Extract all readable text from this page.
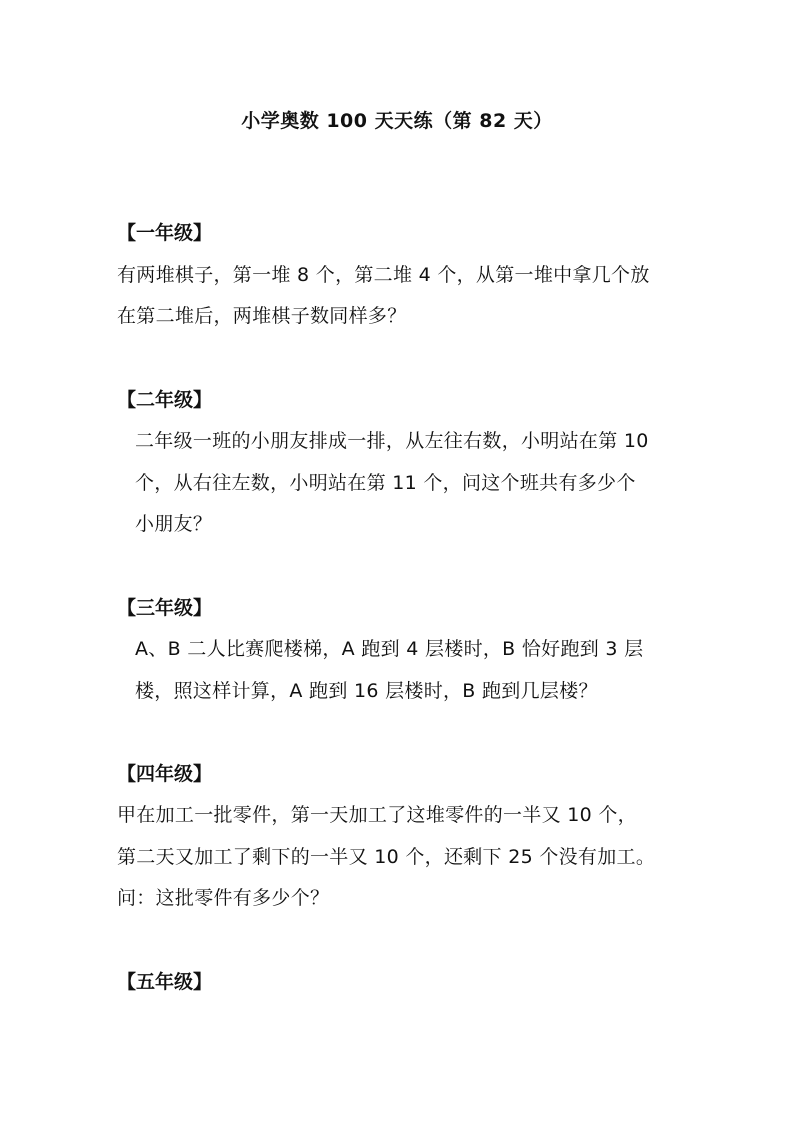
小学奥数 100 天天练（第 82 天）
【一年级】
有两堆棋子，第一堆 8 个，第二堆 4 个，从第一堆中拿几个放
在第二堆后，两堆棋子数同样多？
【二年级】
二年级一班的小朋友排成一排，从左往右数，小明站在第 10
个，从右往左数，小明站在第 11 个，问这个班共有多少个
小朋友？
【三年级】
A、B 二人比赛爬楼梯，A 跑到 4 层楼时，B 恰好跑到 3 层
楼，照这样计算，A 跑到 16 层楼时，B 跑到几层楼？
【四年级】
甲在加工一批零件，第一天加工了这堆零件的一半又 10 个，
第二天又加工了剩下的一半又 10 个，还剩下 25 个没有加工。
问：这批零件有多少个？
【五年级】
